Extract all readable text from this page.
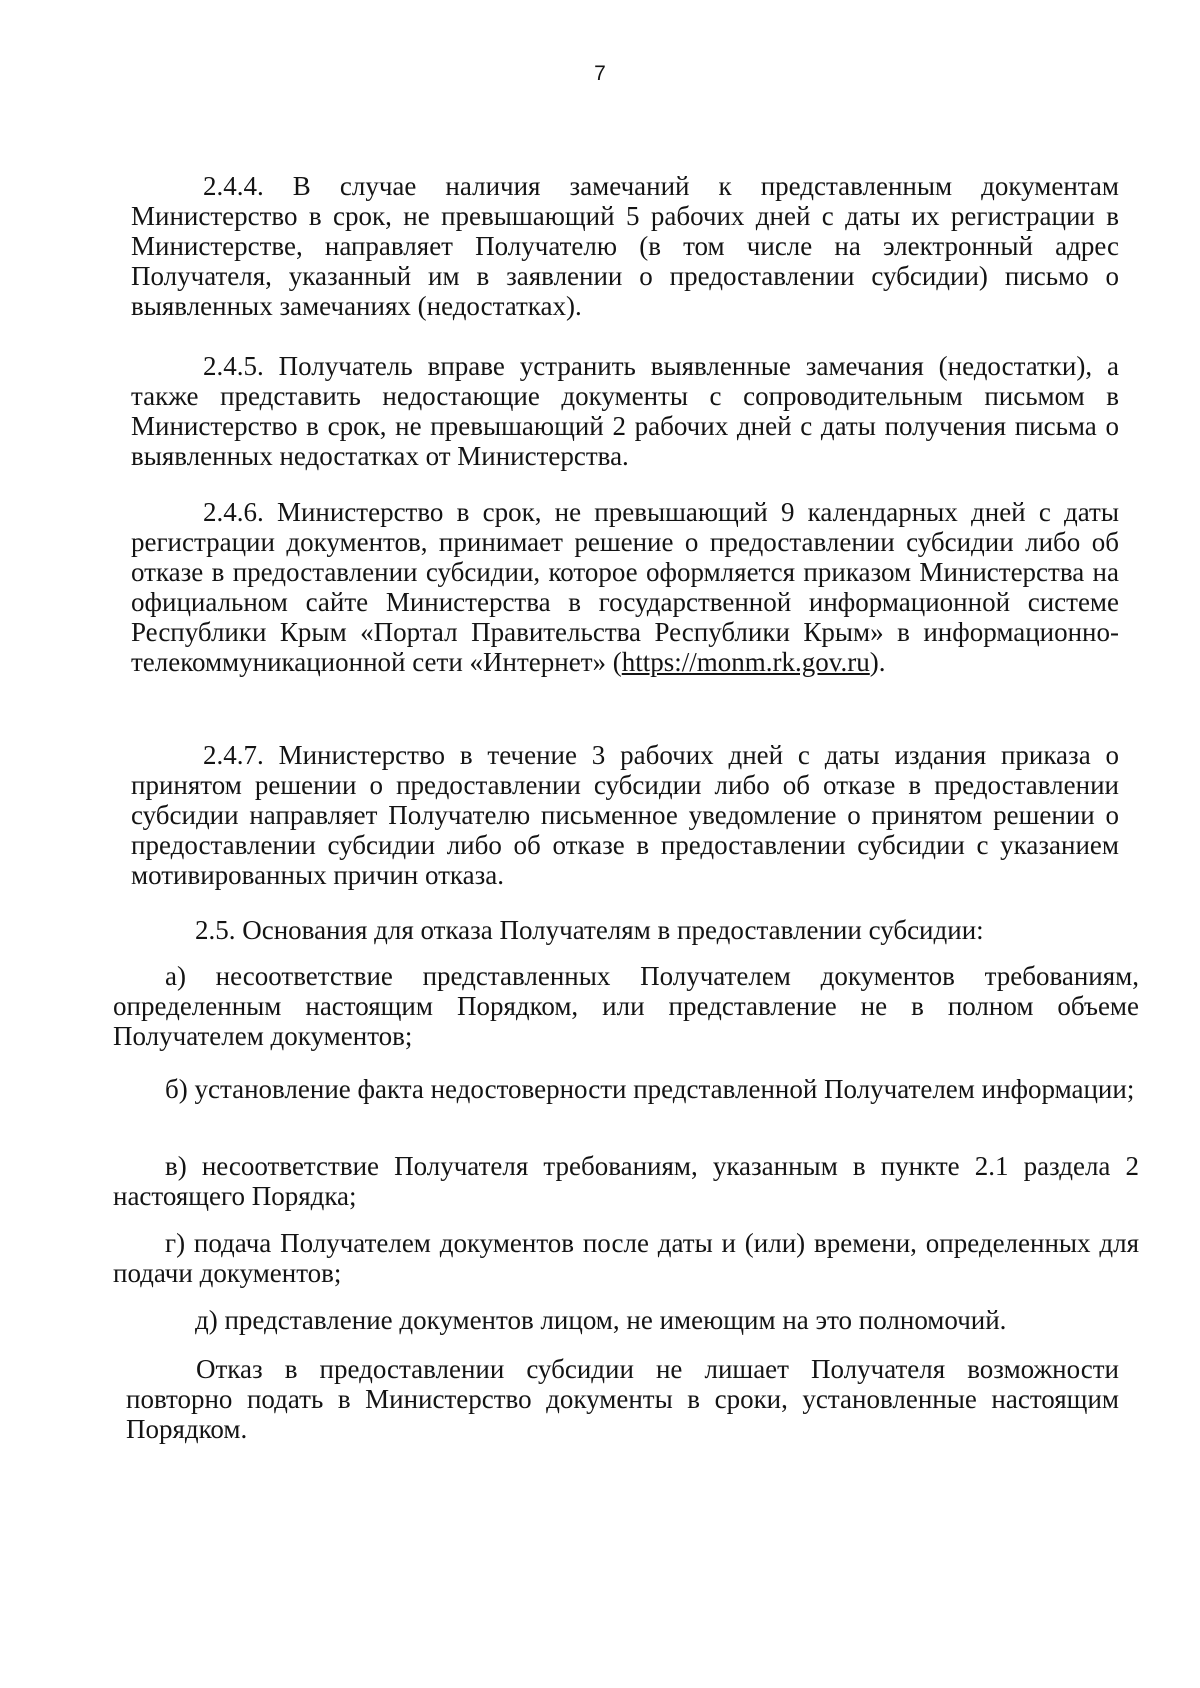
7

2.4.4. В случае наличия замечаний к представленным документам Министерство в срок, не превышающий 5 рабочих дней с даты их регистрации в Министерстве, направляет Получателю (в том числе на электронный адрес Получателя, указанный им в заявлении о предоставлении субсидии) письмо о выявленных замечаниях (недостатках).

2.4.5. Получатель вправе устранить выявленные замечания (недостатки), а также представить недостающие документы с сопроводительным письмом в Министерство в срок, не превышающий 2 рабочих дней с даты получения письма о выявленных недостатках от Министерства.

2.4.6. Министерство в срок, не превышающий 9 календарных дней с даты регистрации документов, принимает решение о предоставлении субсидии либо об отказе в предоставлении субсидии, которое оформляется приказом Министерства на официальном сайте Министерства в государственной информационной системе Республики Крым «Портал Правительства Республики Крым» в информационно-телекоммуникационной сети «Интернет» (https://monm.rk.gov.ru).

2.4.7. Министерство в течение 3 рабочих дней с даты издания приказа о принятом решении о предоставлении субсидии либо об отказе в предоставлении субсидии направляет Получателю письменное уведомление о принятом решении о предоставлении субсидии либо об отказе в предоставлении субсидии с указанием мотивированных причин отказа.

2.5. Основания для отказа Получателям в предоставлении субсидии:

а) несоответствие представленных Получателем документов требованиям, определенным настоящим Порядком, или представление не в полном объеме Получателем документов;

б) установление факта недостоверности представленной Получателем информации;

в) несоответствие Получателя требованиям, указанным в пункте 2.1 раздела 2 настоящего Порядка;

г) подача Получателем документов после даты и (или) времени, определенных для подачи документов;

д) представление документов лицом, не имеющим на это полномочий.

Отказ в предоставлении субсидии не лишает Получателя возможности повторно подать в Министерство документы в сроки, установленные настоящим Порядком.
